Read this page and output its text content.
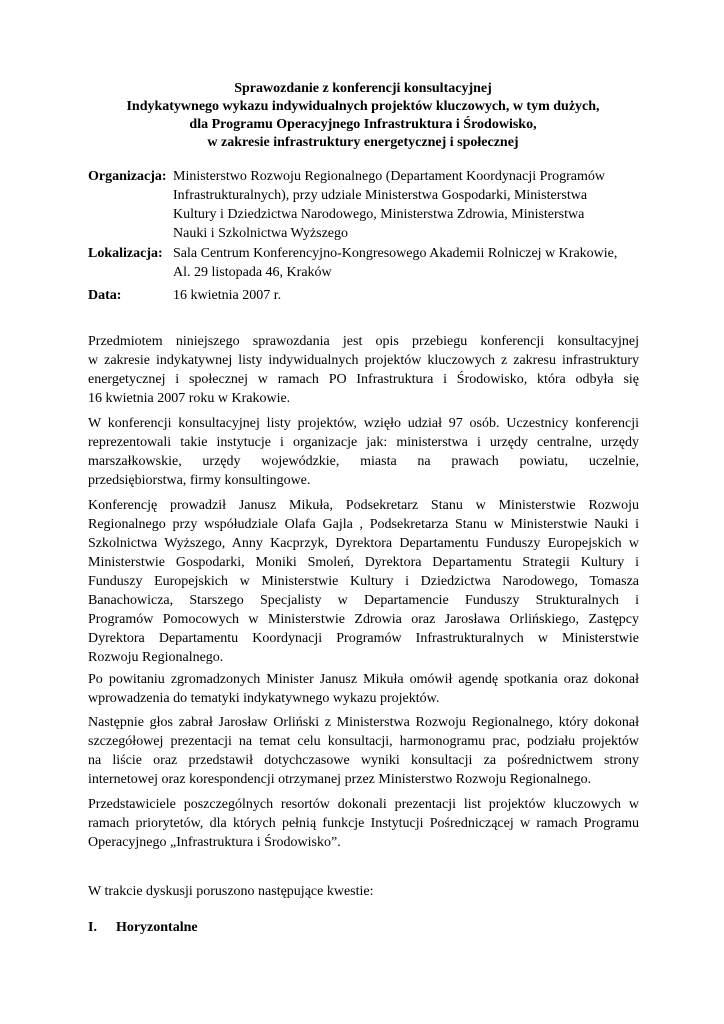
Sprawozdanie z konferencji konsultacyjnej
Indykatywnego wykazu indywidualnych projektów kluczowych, w tym dużych,
dla Programu Operacyjnego Infrastruktura i Środowisko,
w zakresie infrastruktury energetycznej i społecznej
Organizacja: Ministerstwo Rozwoju Regionalnego (Departament Koordynacji Programów
Infrastrukturalnych), przy udziale Ministerstwa Gospodarki, Ministerstwa
Kultury i Dziedzictwa Narodowego, Ministerstwa Zdrowia, Ministerstwa
Nauki i Szkolnictwa Wyższego
Lokalizacja: Sala Centrum Konferencyjno-Kongresowego Akademii Rolniczej w Krakowie,
Al. 29 listopada 46, Kraków
Data:	16 kwietnia 2007 r.

Przedmiotem niniejszego sprawozdania jest opis przebiegu konferencji konsultacyjnej
w zakresie indykatywnej listy indywidualnych projektów kluczowych z zakresu infrastruktury
energetycznej i społecznej w ramach PO Infrastruktura i Środowisko, która odbyła się
16 kwietnia 2007 roku w Krakowie.

W konferencji konsultacyjnej listy projektów, wzięło udział 97 osób. Uczestnicy konferencji
reprezentowali takie instytucje i organizacje jak: ministerstwa i urzędy centralne, urzędy
marszałkowskie, urzędy wojewódzkie, miasta na prawach powiatu, uczelnie,
przedsiębiorstwa, firmy konsultingowe.

Konferencję prowadził Janusz Mikuła, Podsekretarz Stanu w Ministerstwie Rozwoju
Regionalnego przy współudziale Olafa Gajla , Podsekretarza Stanu w Ministerstwie Nauki i
Szkolnictwa Wyższego, Anny Kacprzyk, Dyrektora Departamentu Funduszy Europejskich w
Ministerstwie Gospodarki, Moniki Smoleń, Dyrektora Departamentu Strategii Kultury i
Funduszy Europejskich w Ministerstwie Kultury i Dziedzictwa Narodowego, Tomasza
Banachowicza, Starszego Specjalisty w Departamencie Funduszy Strukturalnych i
Programów Pomocowych w Ministerstwie Zdrowia oraz Jarosława Orlińskiego, Zastępcy
Dyrektora Departamentu Koordynacji Programów Infrastrukturalnych w Ministerstwie
Rozwoju Regionalnego.

Po powitaniu zgromadzonych Minister Janusz Mikuła omówił agendę spotkania oraz dokonał
wprowadzenia do tematyki indykatywnego wykazu projektów.

Następnie głos zabrał Jarosław Orliński z Ministerstwa Rozwoju Regionalnego, który dokonał
szczegółowej prezentacji na temat celu konsultacji, harmonogramu prac, podziału projektów
na liście oraz przedstawił dotychczasowe wyniki konsultacji za pośrednictwem strony
internetowej oraz korespondencji otrzymanej przez Ministerstwo Rozwoju Regionalnego.

Przedstawiciele poszczególnych resortów dokonali prezentacji list projektów kluczowych w
ramach priorytetów, dla których pełnią funkcje Instytucji Pośredniczącej w ramach Programu
Operacyjnego „Infrastruktura i Środowisko”.

W trakcie dyskusji poruszono następujące kwestie:
I. Horyzontalne
